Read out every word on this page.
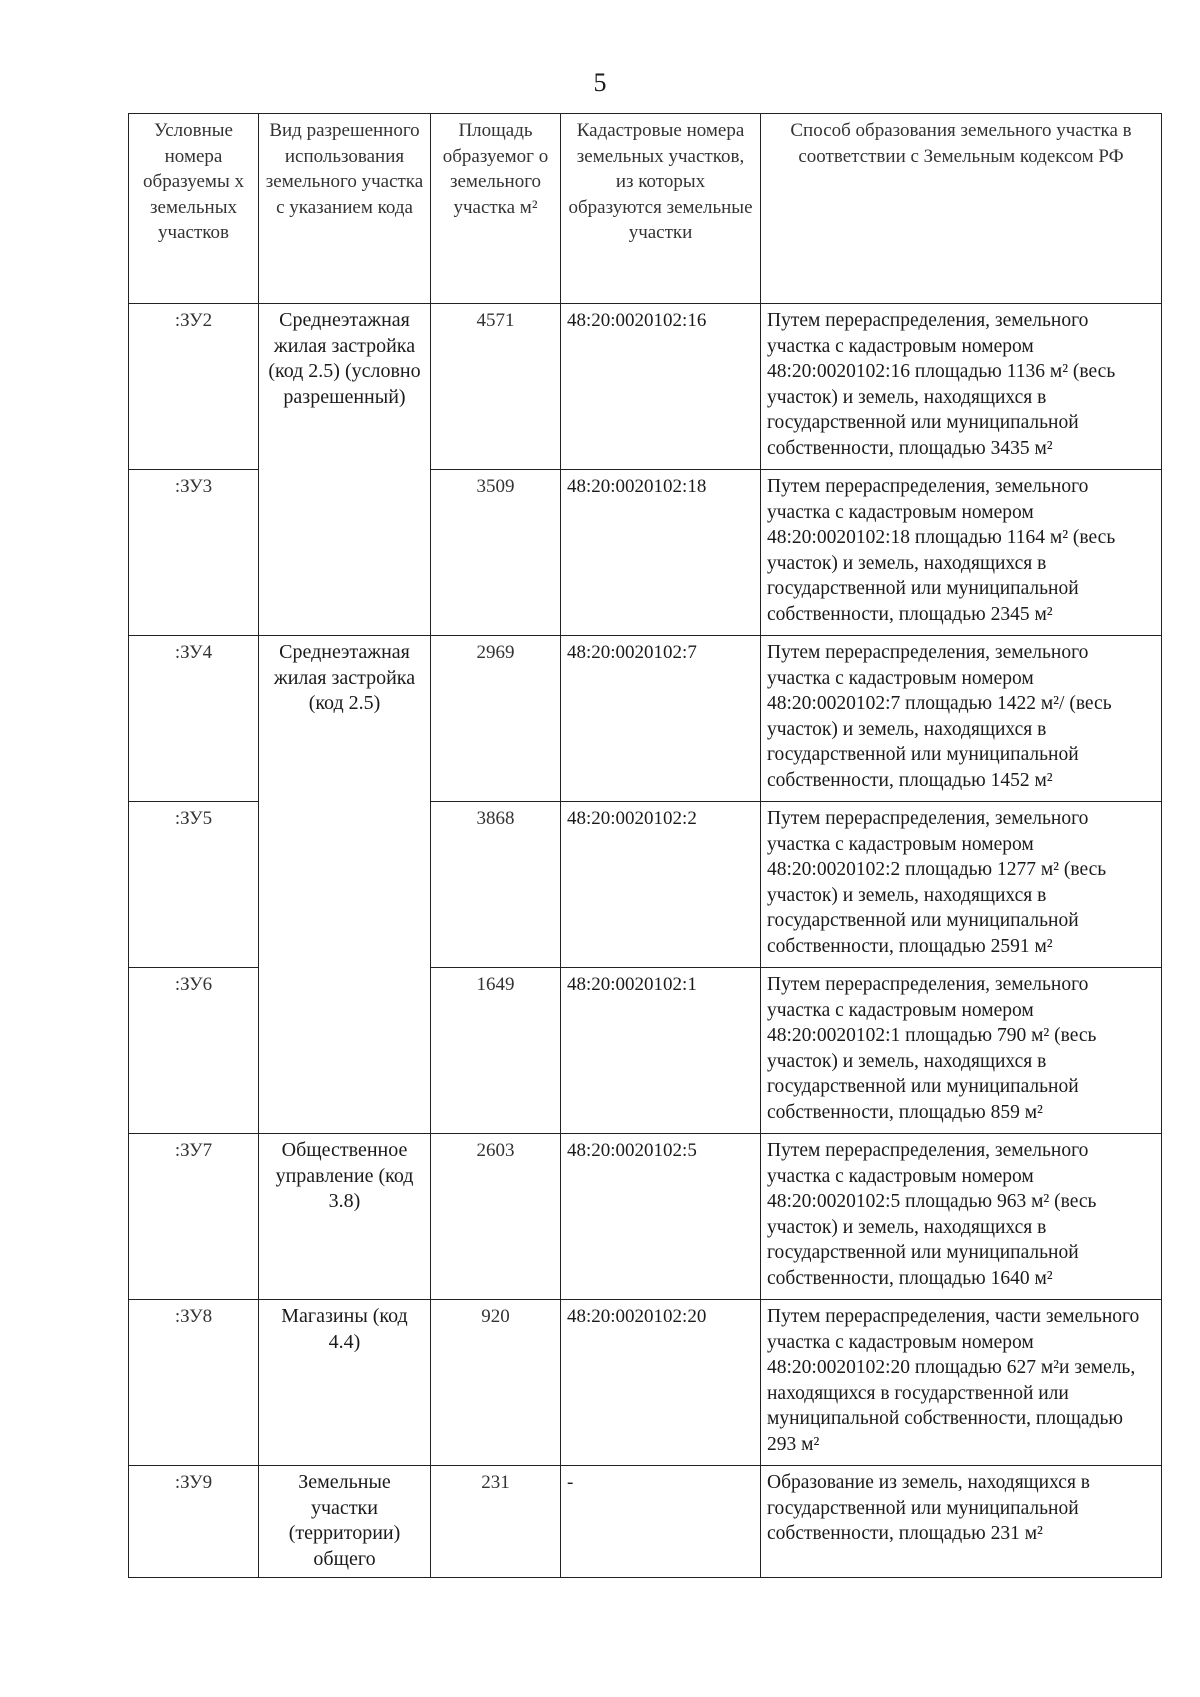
5
Условные номера образуемы х земельных участков	Вид разрешенного использования земельного участка с указанием кода	Площадь образуемог о земельного участка м²	Кадастровые номера земельных участков, из которых образуются земельные участки	Способ образования земельного участка в соответствии с Земельным кодексом РФ
:ЗУ2	Среднеэтажная жилая застройка (код 2.5) (условно разрешенный)	4571	48:20:0020102:16	Путем перераспределения, земельного участка с кадастровым номером 48:20:0020102:16 площадью 1136 м² (весь участок) и земель, находящихся в государственной или муниципальной собственности, площадью 3435 м²
:ЗУ3		3509	48:20:0020102:18	Путем перераспределения, земельного участка с кадастровым номером 48:20:0020102:18 площадью 1164 м² (весь участок) и земель, находящихся в государственной или муниципальной собственности, площадью 2345 м²
:ЗУ4	Среднеэтажная жилая застройка (код 2.5)	2969	48:20:0020102:7	Путем перераспределения, земельного участка с кадастровым номером 48:20:0020102:7 площадью 1422 м²/ (весь участок) и земель, находящихся в государственной или муниципальной собственности, площадью 1452 м²
:ЗУ5		3868	48:20:0020102:2	Путем перераспределения, земельного участка с кадастровым номером 48:20:0020102:2 площадью 1277 м² (весь участок) и земель, находящихся в государственной или муниципальной собственности, площадью 2591 м²
:ЗУ6		1649	48:20:0020102:1	Путем перераспределения, земельного участка с кадастровым номером 48:20:0020102:1 площадью 790 м² (весь участок) и земель, находящихся в государственной или муниципальной собственности, площадью 859 м²
:ЗУ7	Общественное управление (код 3.8)	2603	48:20:0020102:5	Путем перераспределения, земельного участка с кадастровым номером 48:20:0020102:5 площадью 963 м² (весь участок) и земель, находящихся в государственной или муниципальной собственности, площадью 1640 м²
:ЗУ8	Магазины (код 4.4)	920	48:20:0020102:20	Путем перераспределения, части земельного участка с кадастровым номером 48:20:0020102:20 площадью 627 м²и земель, находящихся в государственной или муниципальной собственности, площадью 293 м²
:ЗУ9	Земельные участки (территории) общего	231	-	Образование из земель, находящихся в государственной или муниципальной собственности, площадью 231 м²
